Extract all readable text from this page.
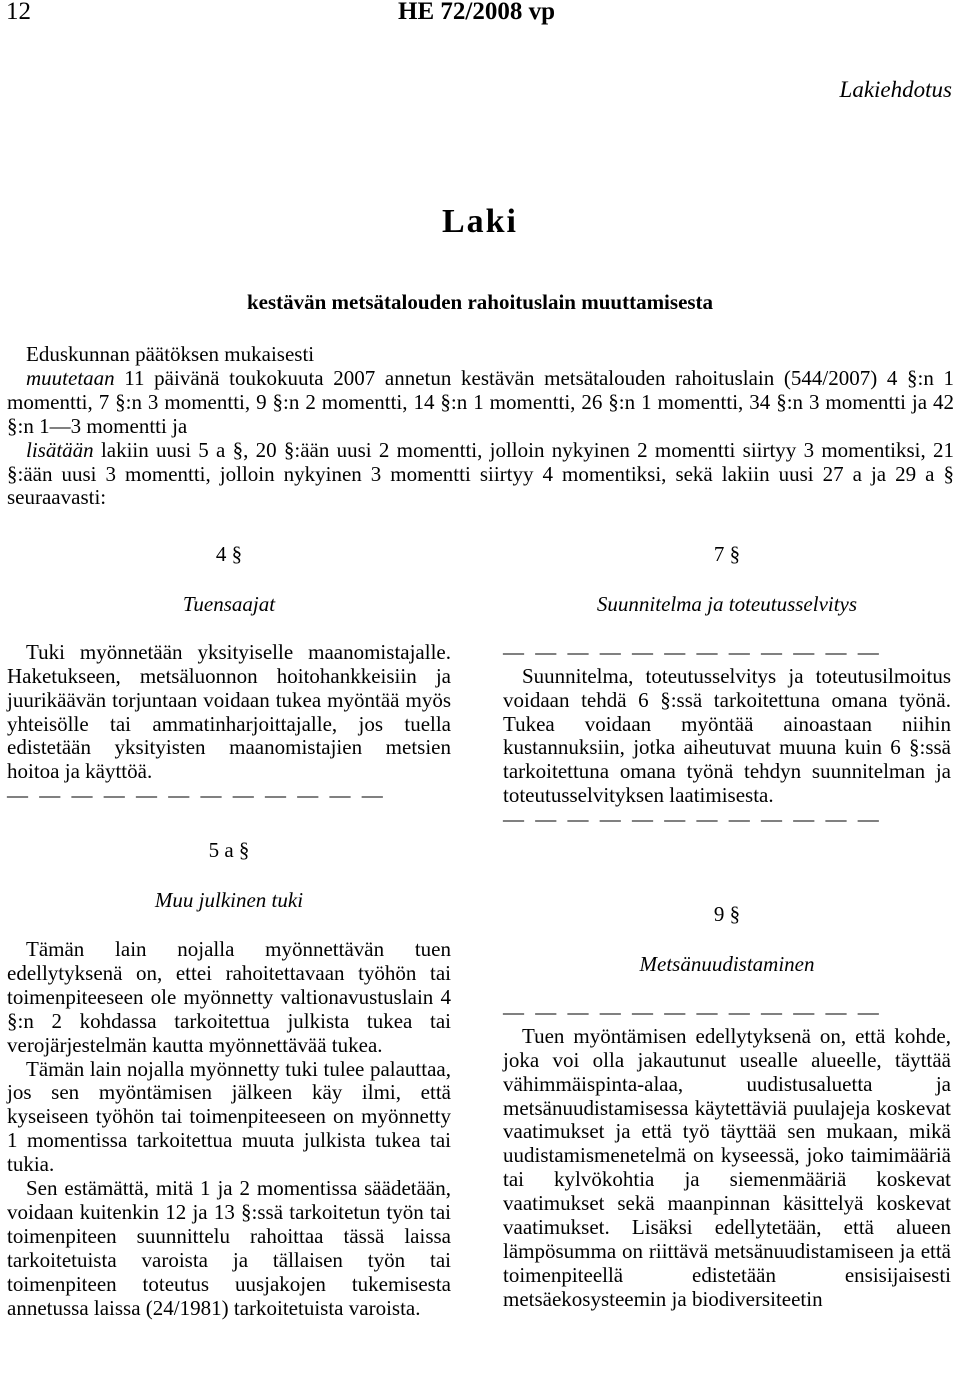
12	HE 72/2008 vp
Lakiehdotus
Laki
kestävän metsätalouden rahoituslain muuttamisesta

Eduskunnan päätöksen mukaisesti

muutetaan 11 päivänä toukokuuta 2007 annetun kestävän metsätalouden rahoituslain (544/2007) 4 §:n 1 momentti, 7 §:n 3 momentti, 9 §:n 2 momentti, 14 §:n 1 momentti, 26 §:n 1 momentti, 34 §:n 3 momentti ja 42 §:n 1—3 momentti ja

lisätään lakiin uusi 5 a §, 20 §:ään uusi 2 momentti, jolloin nykyinen 2 momentti siirtyy 3 momentiksi, 21 §:ään uusi 3 momentti, jolloin nykyinen 3 momentti siirtyy 4 momentiksi, sekä lakiin uusi 27 a ja 29 a § seuraavasti:

4 §
Tuensaajat

Tuki myönnetään yksityiselle maanomistajalle. Haketukseen, metsäluonnon hoitohankkeisiin ja juurikäävän torjuntaan voidaan tukea myöntää myös yhteisölle tai ammatinharjoittajalle, jos tuella edistetään yksityisten maanomistajien metsien hoitoa ja käyttöä.

— — — — — — — — — — — —
5 a §
Muu julkinen tuki

Tämän lain nojalla myönnettävän tuen edellytyksenä on, ettei rahoitettavaan työhön tai toimenpiteeseen ole myönnetty valtionavustuslain 4 §:n 2 kohdassa tarkoitettua julkista tukea tai verojärjestelmän kautta myönnettävää tukea.

Tämän lain nojalla myönnetty tuki tulee palauttaa, jos sen myöntämisen jälkeen käy ilmi, että kyseiseen työhön tai toimenpiteeseen on myönnetty 1 momentissa tarkoitettua muuta julkista tukea tai tukia.

Sen estämättä, mitä 1 ja 2 momentissa säädetään, voidaan kuitenkin 12 ja 13 §:ssä tarkoitetun työn tai toimenpiteen suunnittelu rahoittaa tässä laissa tarkoitetuista varoista ja tällaisen työn tai toimenpiteen toteutus uusjakojen tukemisesta annetussa laissa (24/1981) tarkoitetuista varoista.

7 §
Suunnitelma ja toteutusselvitys
— — — — — — — — — — — —

Suunnitelma, toteutusselvitys ja toteutusilmoitus voidaan tehdä 6 §:ssä tarkoitettuna omana työnä. Tukea voidaan myöntää ainoastaan niihin kustannuksiin, jotka aiheutuvat muuna kuin 6 §:ssä tarkoitettuna omana työnä tehdyn suunnitelman ja toteutusselvityksen laatimisesta.

— — — — — — — — — — — —
9 §
Metsänuudistaminen
— — — — — — — — — — — —

Tuen myöntämisen edellytyksenä on, että kohde, joka voi olla jakautunut usealle alueelle, täyttää vähimmäispinta-alaa, uudistusaluetta ja metsänuudistamisessa käytettäviä puulajeja koskevat vaatimukset ja että työ täyttää sen mukaan, mikä uudistamismenetelmä on kyseessä, joko taimimääriä tai kylvökohtia ja siemenmääriä koskevat vaatimukset sekä maanpinnan käsittelyä koskevat vaatimukset. Lisäksi edellytetään, että alueen lämpösumma on riittävä metsänuudistamiseen ja että toimenpiteellä edistetään ensisijaisesti metsäekosysteemin ja biodiversiteetin
